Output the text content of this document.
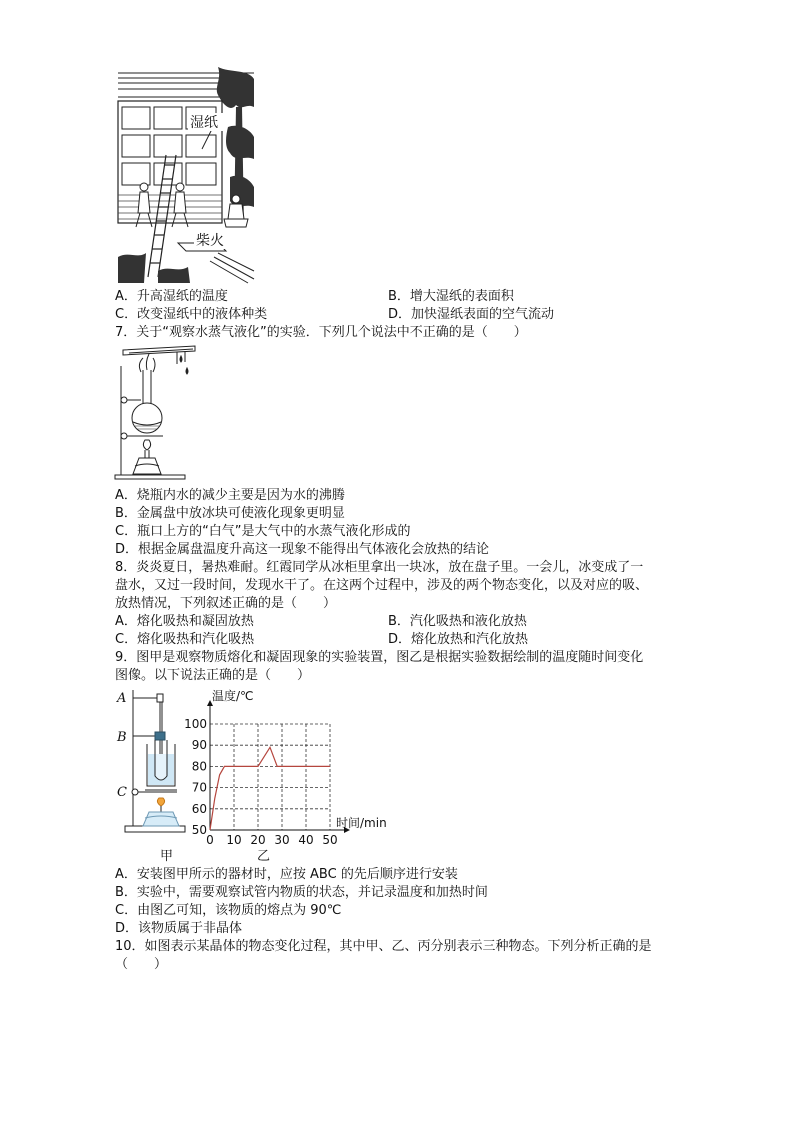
湿纸
柴火
A．升高湿纸的温度	B．增大湿纸的表面积
C．改变湿纸中的液体种类	D．加快湿纸表面的空气流动
7．关于“观察水蒸气液化”的实验．下列几个说法中不正确的是（　　）
A．烧瓶内水的减少主要是因为水的沸腾
B．金属盘中放冰块可使液化现象更明显
C．瓶口上方的“白气”是大气中的水蒸气液化形成的
D．根据金属盘温度升高这一现象不能得出气体液化会放热的结论
8．炎炎夏日，暑热难耐。红霞同学从冰柜里拿出一块冰，放在盘子里。一会儿，冰变成了一
盘水，又过一段时间，发现水干了。在这两个过程中，涉及的两个物态变化，以及对应的吸、
放热情况，下列叙述正确的是（　　）
A．熔化吸热和凝固放热	B．汽化吸热和液化放热
C．熔化吸热和汽化吸热	D．熔化放热和汽化放热
9．图甲是观察物质熔化和凝固现象的实验装置，图乙是根据实验数据绘制的温度随时间变化
图像。以下说法正确的是（　　）
A
B
C
50
60
70
80
90
100
0 10 20 30 40 50
温度/℃
时间/min
甲	乙
A．安装图甲所示的器材时，应按 ABC 的先后顺序进行安装
B．实验中，需要观察试管内物质的状态，并记录温度和加热时间
C．由图乙可知，该物质的熔点为 90℃
D．该物质属于非晶体
10．如图表示某晶体的物态变化过程，其中甲、乙、丙分别表示三种物态。下列分析正确的是
（　　）
